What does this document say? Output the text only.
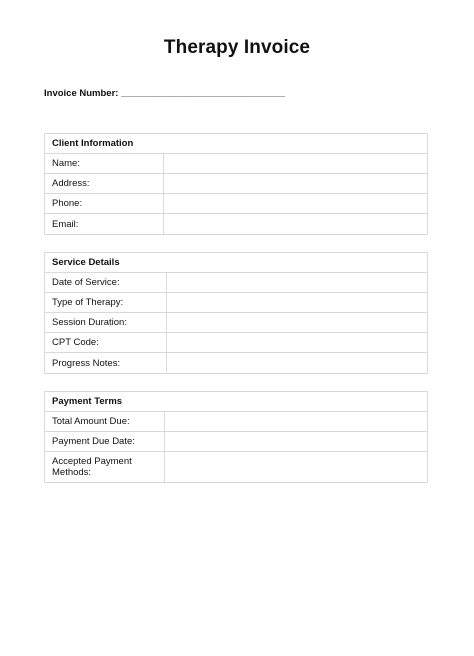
Therapy Invoice
Invoice Number: _______________________________
Client Information
Name:
Address:
Phone:
Email:
Service Details
Date of Service:
Type of Therapy:
Session Duration:
CPT Code:
Progress Notes:
Payment Terms
Total Amount Due:
Payment Due Date:
Accepted Payment Methods:
